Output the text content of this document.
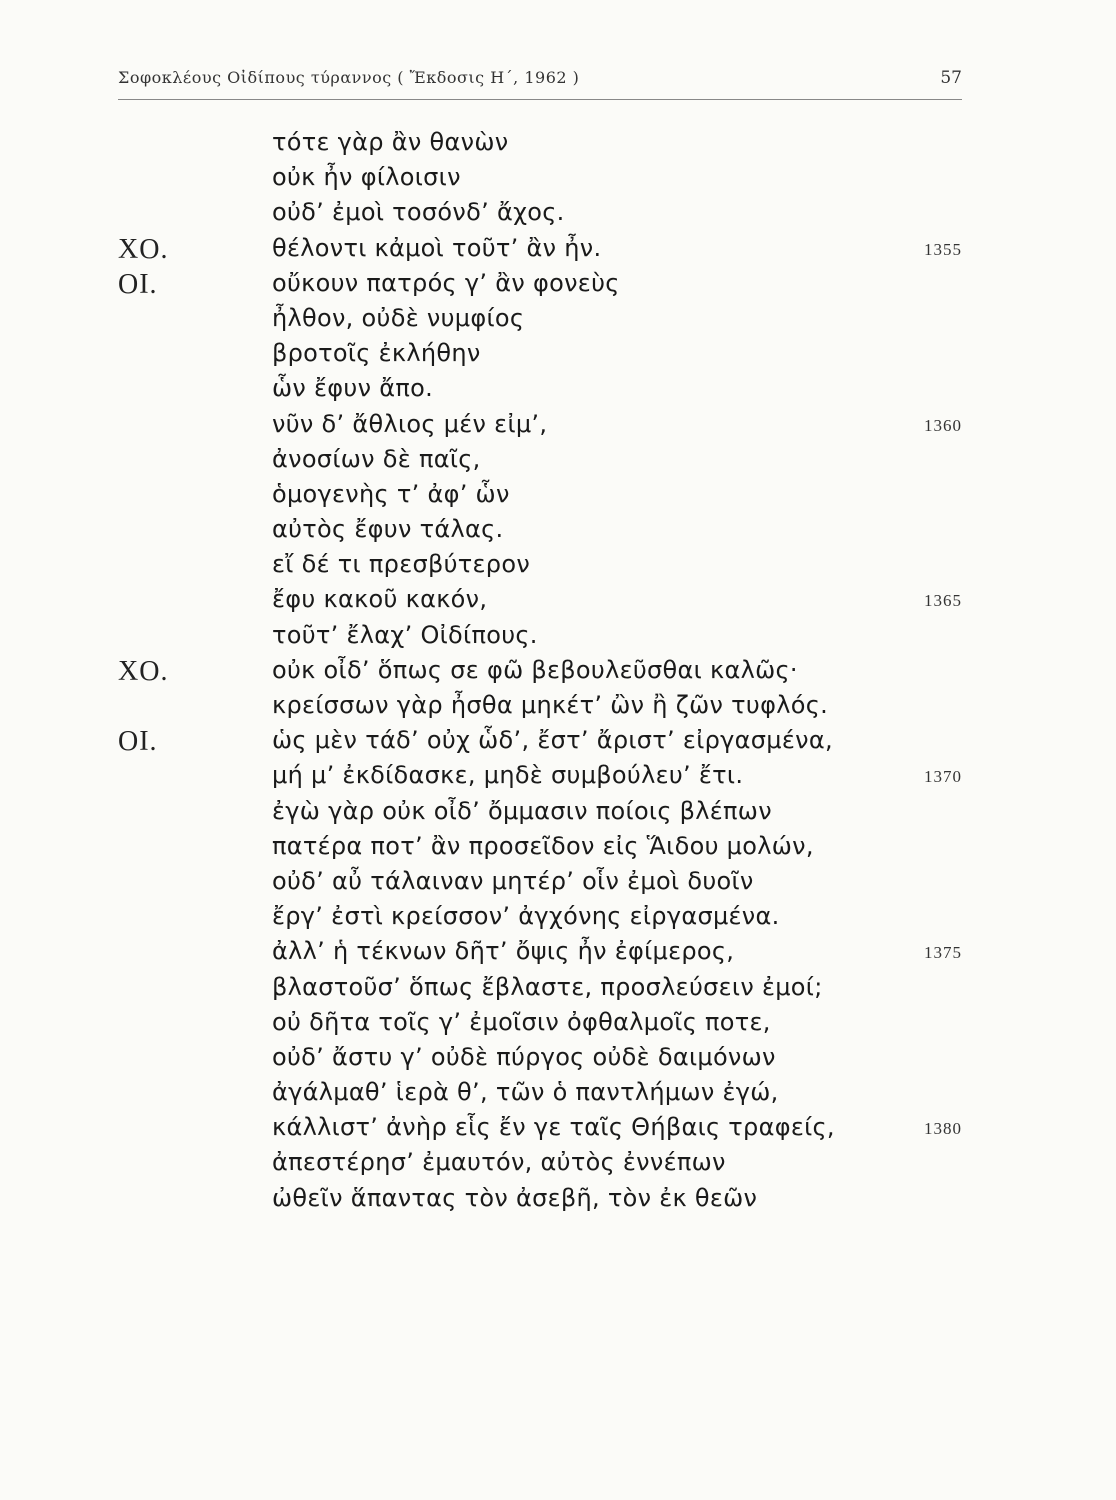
Σοφοκλέους Οἰδίπους τύραννος ( Ἔκδοσις Η΄, 1962 )	57
τότε γὰρ ἂν θανὼν
οὐκ ἦν φίλοισιν
οὐδ’ ἐμοὶ τοσόνδ’ ἄχος.
ΧΟ.	θέλοντι κἀμοὶ τοῦτ’ ἂν ἦν.	1355
ΟΙ.	οὔκουν πατρός γ’ ἂν φονεὺς
ἦλθον, οὐδὲ νυμφίος
βροτοῖς ἐκλήθην
ὧν ἔφυν ἄπο.
νῦν δ’ ἄθλιος μέν εἰμ’,	1360
ἀνοσίων δὲ παῖς,
ὁμογενὴς τ’ ἀφ’ ὧν
αὐτὸς ἔφυν τάλας.
εἴ δέ τι πρεσβύτερον
ἔφυ κακοῦ κακόν,	1365
τοῦτ’ ἔλαχ’ Οἰδίπους.
ΧΟ.	οὐκ οἶδ’ ὅπως σε φῶ βεβουλεῦσθαι καλῶς·
κρείσσων γὰρ ἦσθα μηκέτ’ ὢν ἢ ζῶν τυφλός.
ΟΙ.	ὡς μὲν τάδ’ οὐχ ὧδ’, ἔστ’ ἄριστ’ εἰργασμένα,
μή μ’ ἐκδίδασκε, μηδὲ συμβούλευ’ ἔτι.	1370
ἐγὼ γὰρ οὐκ οἶδ’ ὄμμασιν ποίοις βλέπων
πατέρα ποτ’ ἂν προσεῖδον εἰς Ἅιδου μολών,
οὐδ’ αὖ τάλαιναν μητέρ’ οἷν ἐμοὶ δυοῖν
ἔργ’ ἐστὶ κρείσσον’ ἀγχόνης εἰργασμένα.
ἀλλ’ ἡ τέκνων δῆτ’ ὄψις ἦν ἐφίμερος,	1375
βλαστοῦσ’ ὅπως ἔβλαστε, προσλεύσειν ἐμοί;
οὐ δῆτα τοῖς γ’ ἐμοῖσιν ὀφθαλμοῖς ποτε,
οὐδ’ ἄστυ γ’ οὐδὲ πύργος οὐδὲ δαιμόνων
ἀγάλμαθ’ ἱερὰ θ’, τῶν ὁ παντλήμων ἐγώ,
κάλλιστ’ ἀνὴρ εἷς ἔν γε ταῖς Θήβαις τραφείς,	1380
ἀπεστέρησ’ ἐμαυτόν, αὐτὸς ἐννέπων
ὠθεῖν ἅπαντας τὸν ἀσεβῆ, τὸν ἐκ θεῶν
